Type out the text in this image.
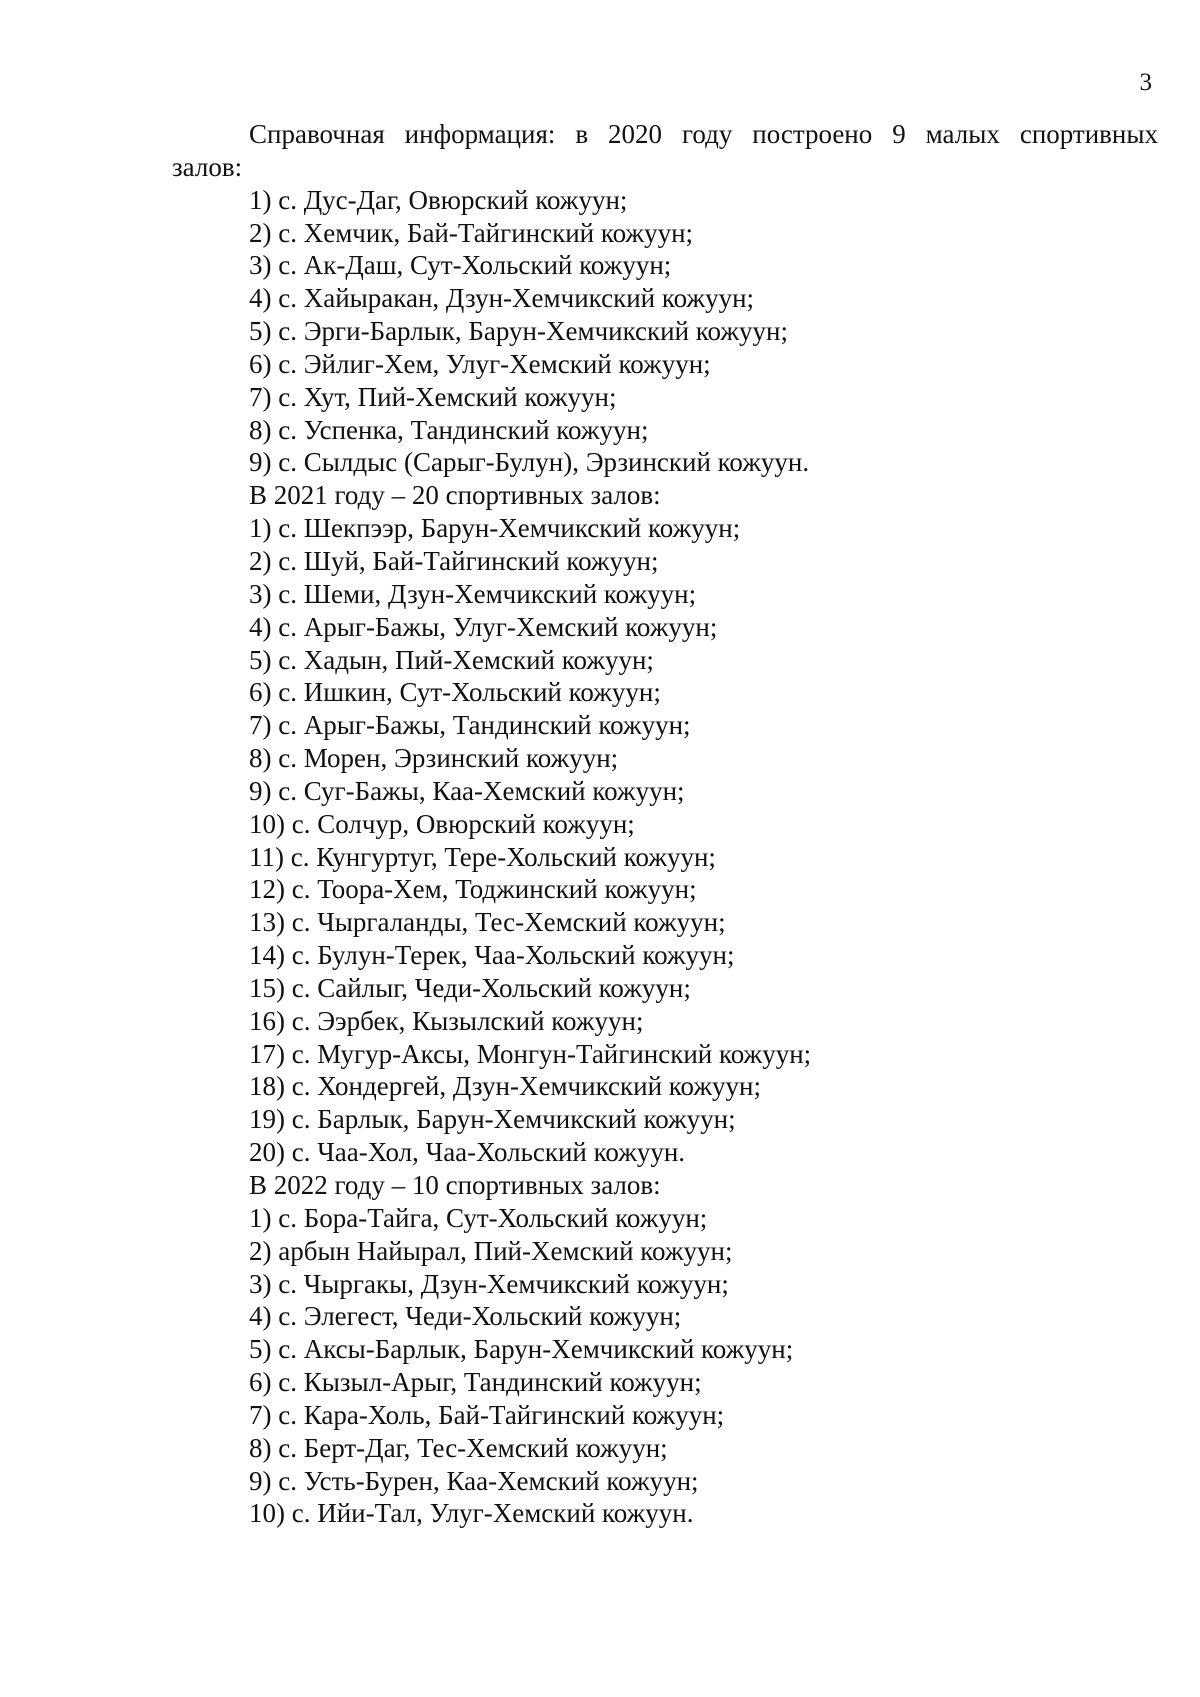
3

Справочная информация: в 2020 году построено 9 малых спортивных залов:

1) с. Дус-Даг, Овюрский кожуун;

2) с. Хемчик, Бай-Тайгинский кожуун;

3) с. Ак-Даш, Сут-Хольский кожуун;

4) с. Хайыракан, Дзун-Хемчикский кожуун;

5) с. Эрги-Барлык, Барун-Хемчикский кожуун;

6) с. Эйлиг-Хем, Улуг-Хемский кожуун;

7) с. Хут, Пий-Хемский кожуун;

8) с. Успенка, Тандинский кожуун;

9) с. Сылдыс (Сарыг-Булун), Эрзинский кожуун.

В 2021 году – 20 спортивных залов:

1) с. Шекпээр, Барун-Хемчикский кожуун;

2) с. Шуй, Бай-Тайгинский кожуун;

3) с. Шеми, Дзун-Хемчикский кожуун;

4) с. Арыг-Бажы, Улуг-Хемский кожуун;

5) с. Хадын, Пий-Хемский кожуун;

6) с. Ишкин, Сут-Хольский кожуун;

7) с. Арыг-Бажы, Тандинский кожуун;

8) с. Морен, Эрзинский кожуун;

9) с. Суг-Бажы, Каа-Хемский кожуун;

10) с. Солчур, Овюрский кожуун;

11) с. Кунгуртуг, Тере-Хольский кожуун;

12) с. Тоора-Хем, Тоджинский кожуун;

13) с. Чыргаланды, Тес-Хемский кожуун;

14) с. Булун-Терек, Чаа-Хольский кожуун;

15) с. Сайлыг, Чеди-Хольский кожуун;

16) с. Ээрбек, Кызылский кожуун;

17) с. Мугур-Аксы, Монгун-Тайгинский кожуун;

18) с. Хондергей, Дзун-Хемчикский кожуун;

19) с. Барлык, Барун-Хемчикский кожуун;

20) с. Чаа-Хол, Чаа-Хольский кожуун.

В 2022 году – 10 спортивных залов:

1) с. Бора-Тайга, Сут-Хольский кожуун;

2) арбын Найырал, Пий-Хемский кожуун;

3) с. Чыргакы, Дзун-Хемчикский кожуун;

4) с. Элегест, Чеди-Хольский кожуун;

5) с. Аксы-Барлык, Барун-Хемчикский кожуун;

6) с. Кызыл-Арыг, Тандинский кожуун;

7) с. Кара-Холь, Бай-Тайгинский кожуун;

8) с. Берт-Даг, Тес-Хемский кожуун;

9) с. Усть-Бурен, Каа-Хемский кожуун;

10) с. Ийи-Тал, Улуг-Хемский кожуун.
